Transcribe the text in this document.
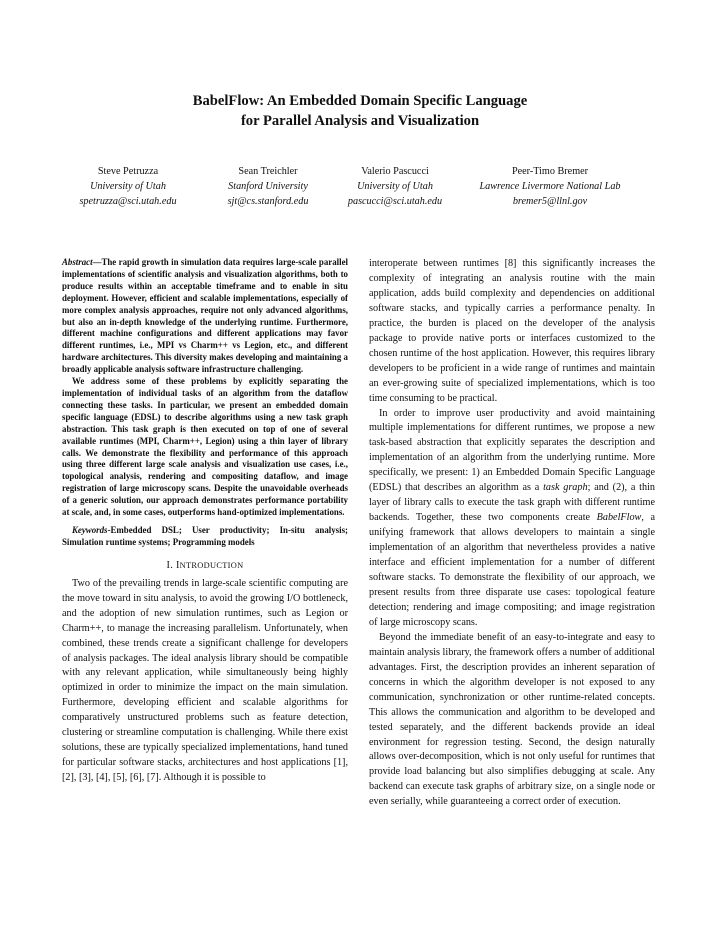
BabelFlow: An Embedded Domain Specific Language
for Parallel Analysis and Visualization
Steve Petruzza
University of Utah
spetruzza@sci.utah.edu
Sean Treichler
Stanford University
sjt@cs.stanford.edu
Valerio Pascucci
University of Utah
pascucci@sci.utah.edu
Peer-Timo Bremer
Lawrence Livermore National Lab
bremer5@llnl.gov

Abstract—The rapid growth in simulation data requires large-scale parallel implementations of scientific analysis and visualization algorithms, both to produce results within an acceptable timeframe and to enable in situ deployment. However, efficient and scalable implementations, especially of more complex analysis approaches, require not only advanced algorithms, but also an in-depth knowledge of the underlying runtime. Furthermore, different machine configurations and different applications may favor different runtimes, i.e., MPI vs Charm++ vs Legion, etc., and different hardware architectures. This diversity makes developing and maintaining a broadly applicable analysis software infrastructure challenging.

We address some of these problems by explicitly separating the implementation of individual tasks of an algorithm from the dataflow connecting these tasks. In particular, we present an embedded domain specific language (EDSL) to describe algorithms using a new task graph abstraction. This task graph is then executed on top of one of several available runtimes (MPI, Charm++, Legion) using a thin layer of library calls. We demonstrate the flexibility and performance of this approach using three different large scale analysis and visualization use cases, i.e., topological analysis, rendering and compositing dataflow, and image registration of large microscopy scans. Despite the unavoidable overheads of a generic solution, our approach demonstrates performance portability at scale, and, in some cases, outperforms hand-optimized implementations.

Keywords-Embedded DSL; User productivity; In-situ analysis; Simulation runtime systems; Programming models

I. INTRODUCTION

Two of the prevailing trends in large-scale scientific computing are the move toward in situ analysis, to avoid the growing I/O bottleneck, and the adoption of new simulation runtimes, such as Legion or Charm++, to manage the increasing parallelism. Unfortunately, when combined, these trends create a significant challenge for developers of analysis packages. The ideal analysis library should be compatible with any relevant application, while simultaneously being highly optimized in order to minimize the impact on the main simulation. Furthermore, developing efficient and scalable algorithms for comparatively unstructured problems such as feature detection, clustering or streamline computation is challenging. While there exist solutions, these are typically specialized implementations, hand tuned for particular software stacks, architectures and host applications [1], [2], [3], [4], [5], [6], [7]. Although it is possible to

interoperate between runtimes [8] this significantly increases the complexity of integrating an analysis routine with the main application, adds build complexity and dependencies on additional software stacks, and typically carries a performance penalty. In practice, the burden is placed on the developer of the analysis package to provide native ports or interfaces customized to the chosen runtime of the host application. However, this requires library developers to be proficient in a wide range of runtimes and maintain an ever-growing suite of specialized implementations, which is too time consuming to be practical.

In order to improve user productivity and avoid maintaining multiple implementations for different runtimes, we propose a new task-based abstraction that explicitly separates the description and implementation of an algorithm from the underlying runtime. More specifically, we present: 1) an Embedded Domain Specific Language (EDSL) that describes an algorithm as a task graph; and (2), a thin layer of library calls to execute the task graph with different runtime backends. Together, these two components create BabelFlow, a unifying framework that allows developers to maintain a single implementation of an algorithm that nevertheless provides a native interface and efficient implementation for a number of different software stacks. To demonstrate the flexibility of our approach, we present results from three disparate use cases: topological feature detection; rendering and image compositing; and image registration of large microscopy scans.

Beyond the immediate benefit of an easy-to-integrate and easy to maintain analysis library, the framework offers a number of additional advantages. First, the description provides an inherent separation of concerns in which the algorithm developer is not exposed to any communication, synchronization or other runtime-related concepts. This allows the communication and algorithm to be developed and tested separately, and the different backends provide an ideal environment for regression testing. Second, the design naturally allows over-decomposition, which is not only useful for runtimes that provide load balancing but also simplifies debugging at scale. Any backend can execute task graphs of arbitrary size, on a single node or even serially, while guaranteeing a correct order of execution.
